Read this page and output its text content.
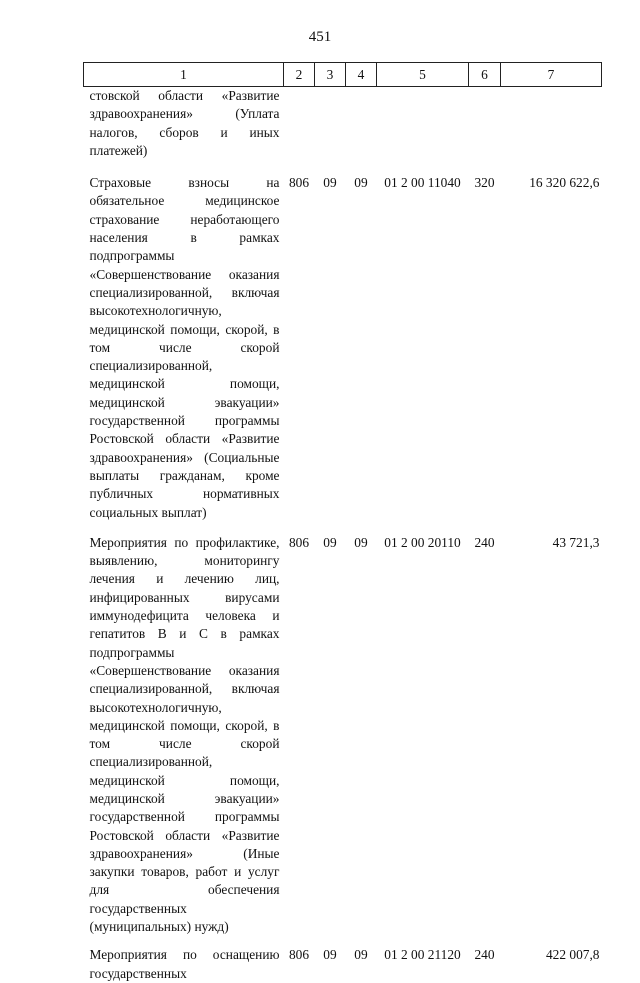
451
1	2	3	4	5	6	7
стовской области «Развитие здравоохранения» (Уплата налогов, сборов и иных платежей)						
Страховые взносы на обязательное медицинское страхование неработающего населения в рамках подпрограммы «Совершенствование оказания специализированной, включая высокотехнологичную, медицинской помощи, скорой, в том числе скорой специализированной, медицинской помощи, медицинской эвакуации» государственной программы Ростовской области «Развитие здравоохранения» (Социальные выплаты гражданам, кроме публичных нормативных социальных выплат)	806	09	09	01 2 00 11040	320	16 320 622,6
Мероприятия по профилактике, выявлению, мониторингу лечения и лечению лиц, инфицированных вирусами иммунодефицита человека и гепатитов В и С в рамках подпрограммы «Совершенствование оказания специализированной, включая высокотехнологичную, медицинской помощи, скорой, в том числе скорой специализированной, медицинской помощи, медицинской эвакуации» государственной программы Ростовской области «Развитие здравоохранения» (Иные закупки товаров, работ и услуг для обеспечения государственных (муниципальных) нужд)	806	09	09	01 2 00 20110	240	43 721,3
Мероприятия по оснащению государственных	806	09	09	01 2 00 21120	240	422 007,8
